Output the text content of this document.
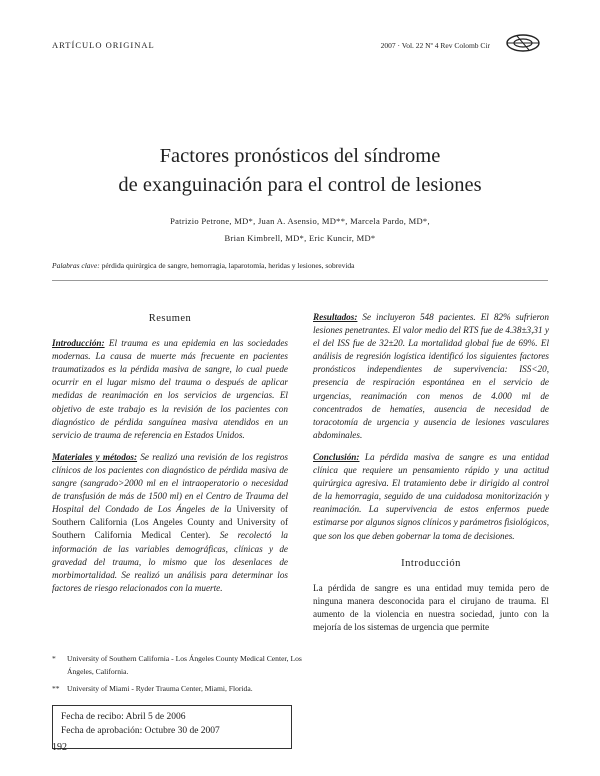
ARTÍCULO ORIGINAL	2007 · Vol. 22 Nº 4 Rev Colomb Cir
Factores pronósticos del síndrome
de exanguinación para el control de lesiones
Patrizio Petrone, MD*, Juan A. Asensio, MD**, Marcela Pardo, MD*,
Brian Kimbrell, MD*, Eric Kuncir, MD*
Palabras clave: pérdida quirúrgica de sangre, hemorragia, laparotomía, heridas y lesiones, sobrevida
Resumen

Introducción: El trauma es una epidemia en las sociedades modernas. La causa de muerte más frecuente en pacientes traumatizados es la pérdida masiva de sangre, lo cual puede ocurrir en el lugar mismo del trauma o después de aplicar medidas de reanimación en los servicios de urgencias. El objetivo de este trabajo es la revisión de los pacientes con diagnóstico de pérdida sanguínea masiva atendidos en un servicio de trauma de referencia en Estados Unidos.

Materiales y métodos: Se realizó una revisión de los registros clínicos de los pacientes con diagnóstico de pérdida masiva de sangre (sangrado>2000 ml en el intraoperatorio o necesidad de transfusión de más de 1500 ml) en el Centro de Trauma del Hospital del Condado de Los Ángeles de la University of Southern California (Los Angeles County and University of Southern California Medical Center). Se recolectó la información de las variables demográficas, clínicas y de gravedad del trauma, lo mismo que los desenlaces de morbimortalidad. Se realizó un análisis para determinar los factores de riesgo relacionados con la muerte.

*	University of Southern California - Los Ángeles County Medical Center, Los Ángeles, California.
** University of Miami - Ryder Trauma Center, Miami, Florida.
Fecha de recibo: Abril 5 de 2006
Fecha de aprobación: Octubre 30 de 2007
192

Resultados: Se incluyeron 548 pacientes. El 82% sufrieron lesiones penetrantes. El valor medio del RTS fue de 4.38±3,31 y el del ISS fue de 32±20. La mortalidad global fue de 69%. El análisis de regresión logística identificó los siguientes factores pronósticos independientes de supervivencia: ISS<20, presencia de respiración espontánea en el servicio de urgencias, reanimación con menos de 4.000 ml de concentrados de hematíes, ausencia de necesidad de toracotomía de urgencia y ausencia de lesiones vasculares abdominales.

Conclusión: La pérdida masiva de sangre es una entidad clínica que requiere un pensamiento rápido y una actitud quirúrgica agresiva. El tratamiento debe ir dirigido al control de la hemorragia, seguido de una cuidadosa monitorización y reanimación. La supervivencia de estos enfermos puede estimarse por algunos signos clínicos y parámetros fisiológicos, que son los que deben gobernar la toma de decisiones.

Introducción

La pérdida de sangre es una entidad muy temida pero de ninguna manera desconocida para el cirujano de trauma. El aumento de la violencia en nuestra sociedad, junto con la mejoría de los sistemas de urgencia que permite
